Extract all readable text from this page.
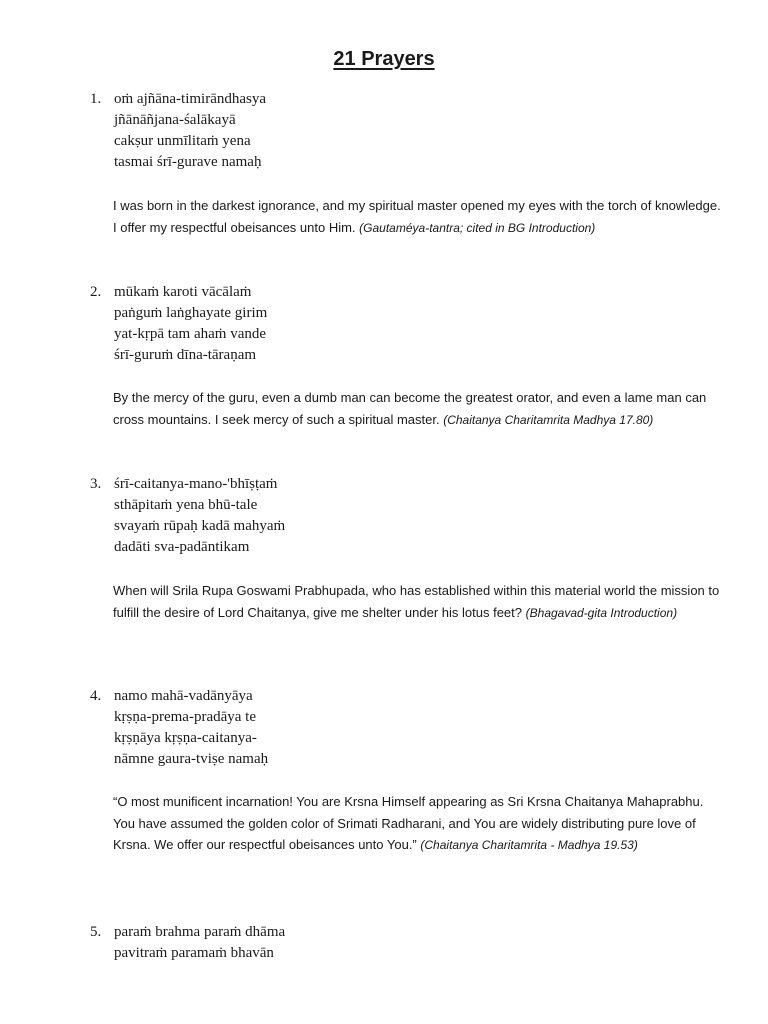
21 Prayers
1. oṁ ajñāna-timirāndhasya
jñānāñjana-śalākayā
cakṣur unmīlitaṁ yena
tasmai śrī-gurave namaḥ

I was born in the darkest ignorance, and my spiritual master opened my eyes with the torch of knowledge. I offer my respectful obeisances unto Him. (Gautaméya-tantra; cited in BG Introduction)

2. mūkaṁ karoti vācālaṁ
paṅguṁ laṅghayate girim
yat-kṛpā tam ahaṁ vande
śrī-guruṁ dīna-tāraṇam

By the mercy of the guru, even a dumb man can become the greatest orator, and even a lame man can cross mountains. I seek mercy of such a spiritual master. (Chaitanya Charitamrita Madhya 17.80)

3. śrī-caitanya-mano-'bhīṣṭaṁ
sthāpitaṁ yena bhū-tale
svayaṁ rūpaḥ kadā mahyaṁ
dadāti sva-padāntikam

When will Srila Rupa Goswami Prabhupada, who has established within this material world the mission to fulfill the desire of Lord Chaitanya, give me shelter under his lotus feet? (Bhagavad-gita Introduction)

4. namo mahā-vadānyāya
kṛṣṇa-prema-pradāya te
kṛṣṇāya kṛṣṇa-caitanya-
nāmne gaura-tviṣe namaḥ

“O most munificent incarnation! You are Krsna Himself appearing as Sri Krsna Chaitanya Mahaprabhu. You have assumed the golden color of Srimati Radharani, and You are widely distributing pure love of Krsna. We offer our respectful obeisances unto You.” (Chaitanya Charitamrita - Madhya 19.53)

5. paraṁ brahma paraṁ dhāma
pavitraṁ paramaṁ bhavān
